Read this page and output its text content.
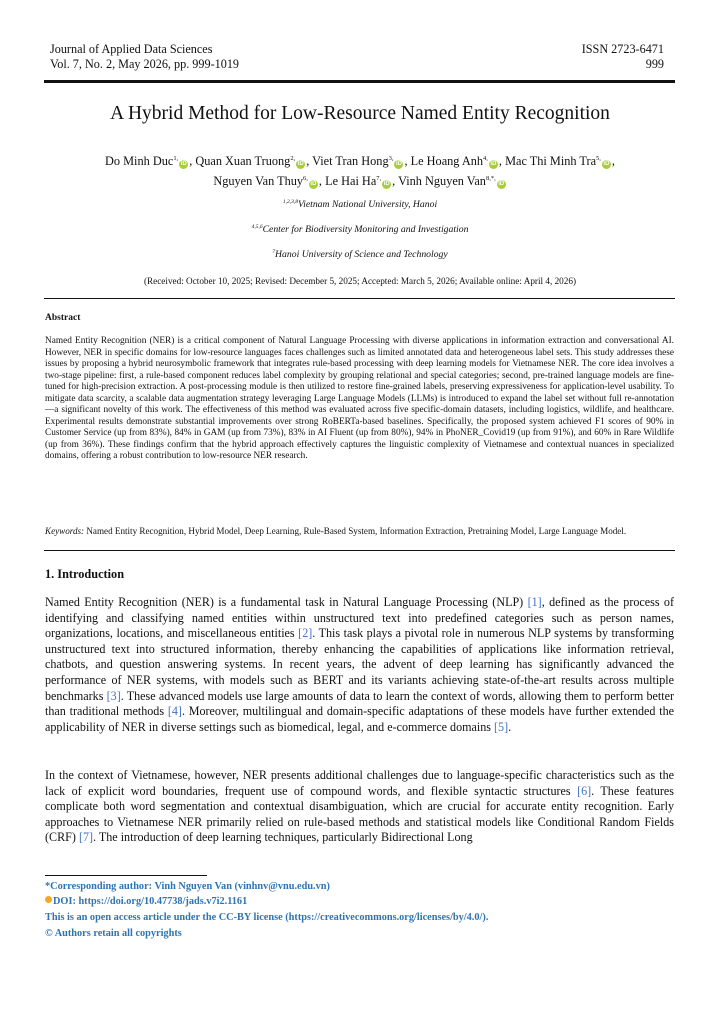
Journal of Applied Data Sciences
Vol. 7, No. 2, May 2026, pp. 999-1019
ISSN 2723-6471
999
A Hybrid Method for Low-Resource Named Entity Recognition
Do Minh Duc$^{1,}$iD , Quan Xuan Truong$^{2,}$iD , Viet Tran Hong$^{3,}$iD , Le Hoang Anh$^{4,}$iD , Mac Thi Minh Tra$^{5,}$iD ,
Nguyen Van Thuy$^{6,}$iD , Le Hai $Ha^{7,}iD$ , Vinh Nguyen Van$^{8,*,}$iD
$^{1,2,3,8}$Vietnam National University, Hanoi
$^{4,5,6}$Center for Biodiversity Monitoring and Investigation
$^7$Hanoi University of Science and Technology
(Received: October 10, 2025; Revised: December 5, 2025; Accepted: March 5, 2026; Available online: April 4, 2026)
Abstract

Named Entity Recognition (NER) is a critical component of Natural Language Processing with diverse applications in information extraction and conversational AI. However, NER in specific domains for low-resource languages faces challenges such as limited annotated data and heterogeneous label sets. This study addresses these issues by proposing a hybrid neurosymbolic framework that integrates rule-based processing with deep learning models for Vietnamese NER. The core idea involves a two-stage pipeline: first, a rule-based component reduces label complexity by grouping relational and special categories; second, pre-trained language models are fine-tuned for high-precision extraction. A post-processing module is then utilized to restore fine-grained labels, preserving expressiveness for application-level usability. To mitigate data scarcity, a scalable data augmentation strategy leveraging Large Language Models (LLMs) is introduced to expand the label set without full re-annotation—a significant novelty of this work. The effectiveness of this method was evaluated across five specific-domain datasets, including logistics, wildlife, and healthcare. Experimental results demonstrate substantial improvements over strong RoBERTa-based baselines. Specifically, the proposed system achieved F1 scores of 90% in Customer Service (up from 83%), 84% in GAM (up from 73%), 83% in AI Fluent (up from 80%), 94% in PhoNER_Covid19 (up from 91%), and 60% in Rare Wildlife (up from 36%). These findings confirm that the hybrid approach effectively captures the linguistic complexity of Vietnamese and contextual nuances in specialized domains, offering a robust contribution to low-resource NER research.

Keywords: Named Entity Recognition, Hybrid Model, Deep Learning, Rule-Based System, Information Extraction, Pretraining Model, Large Language Model.
1. Introduction

Named Entity Recognition (NER) is a fundamental task in Natural Language Processing (NLP) [1], defined as the process of identifying and classifying named entities within unstructured text into predefined categories such as person names, organizations, locations, and miscellaneous entities [2]. This task plays a pivotal role in numerous NLP systems by transforming unstructured text into structured information, thereby enhancing the capabilities of applications like information retrieval, chatbots, and question answering systems. In recent years, the advent of deep learning has significantly advanced the performance of NER systems, with models such as BERT and its variants achieving state-of-the-art results across multiple benchmarks [3]. These advanced models use large amounts of data to learn the context of words, allowing them to perform better than traditional methods [4]. Moreover, multilingual and domain-specific adaptations of these models have further extended the applicability of NER in diverse settings such as biomedical, legal, and e-commerce domains [5].

In the context of Vietnamese, however, NER presents additional challenges due to language-specific characteristics such as the lack of explicit word boundaries, frequent use of compound words, and flexible syntactic structures [6]. These features complicate both word segmentation and contextual disambiguation, which are crucial for accurate entity recognition. Early approaches to Vietnamese NER primarily relied on rule-based methods and statistical models like Conditional Random Fields (CRF) [7]. The introduction of deep learning techniques, particularly Bidirectional Long

*Corresponding author: Vinh Nguyen Van (vinhnv@vnu.edu.vn)
DOI: https://doi.org/10.47738/jads.v7i2.1161
This is an open access article under the CC-BY license (https://creativecommons.org/licenses/by/4.0/).
© Authors retain all copyrights
